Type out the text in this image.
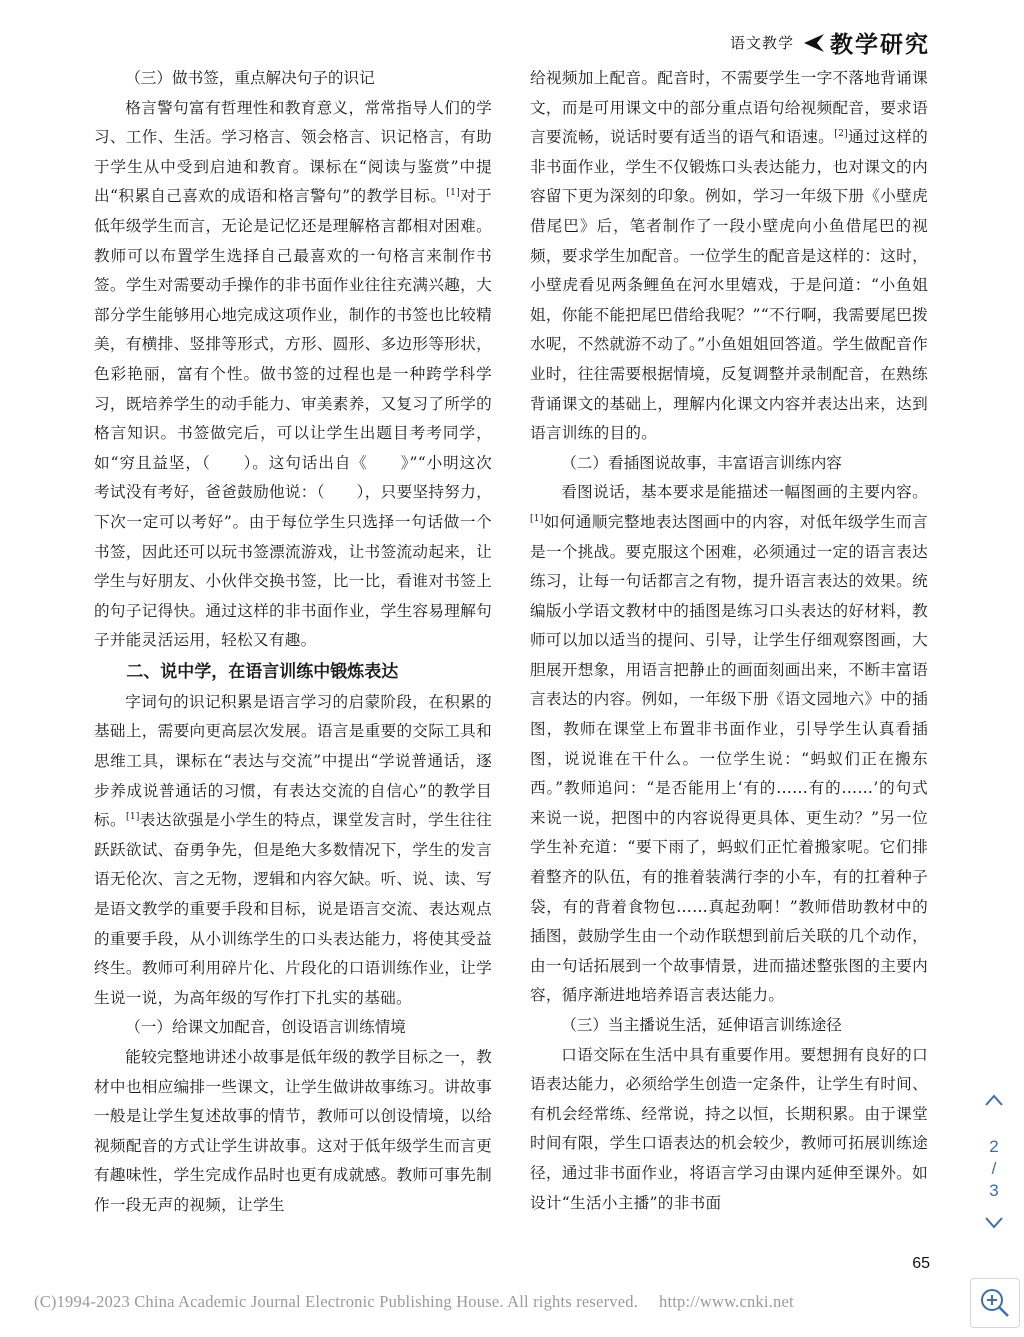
语文教学 教学研究

（三）做书签，重点解决句子的识记

格言警句富有哲理性和教育意义，常常指导人们的学习、工作、生活。学习格言、领会格言、识记格言，有助于学生从中受到启迪和教育。课标在“阅读与鉴赏”中提出“积累自己喜欢的成语和格言警句”的教学目标。[1]对于低年级学生而言，无论是记忆还是理解格言都相对困难。教师可以布置学生选择自己最喜欢的一句格言来制作书签。学生对需要动手操作的非书面作业往往充满兴趣，大部分学生能够用心地完成这项作业，制作的书签也比较精美，有横排、竖排等形式，方形、圆形、多边形等形状，色彩艳丽，富有个性。做书签的过程也是一种跨学科学习，既培养学生的动手能力、审美素养，又复习了所学的格言知识。书签做完后，可以让学生出题目考考同学，如“穷且益坚，（　　）。这句话出自《　　》”“小明这次考试没有考好，爸爸鼓励他说：（　　），只要坚持努力，下次一定可以考好”。由于每位学生只选择一句话做一个书签，因此还可以玩书签漂流游戏，让书签流动起来，让学生与好朋友、小伙伴交换书签，比一比，看谁对书签上的句子记得快。通过这样的非书面作业，学生容易理解句子并能灵活运用，轻松又有趣。

二、说中学，在语言训练中锻炼表达

字词句的识记积累是语言学习的启蒙阶段，在积累的基础上，需要向更高层次发展。语言是重要的交际工具和思维工具，课标在“表达与交流”中提出“学说普通话，逐步养成说普通话的习惯，有表达交流的自信心”的教学目标。[1]表达欲强是小学生的特点，课堂发言时，学生往往跃跃欲试、奋勇争先，但是绝大多数情况下，学生的发言语无伦次、言之无物，逻辑和内容欠缺。听、说、读、写是语文教学的重要手段和目标，说是语言交流、表达观点的重要手段，从小训练学生的口头表达能力，将使其受益终生。教师可利用碎片化、片段化的口语训练作业，让学生说一说，为高年级的写作打下扎实的基础。

（一）给课文加配音，创设语言训练情境

能较完整地讲述小故事是低年级的教学目标之一，教材中也相应编排一些课文，让学生做讲故事练习。讲故事一般是让学生复述故事的情节，教师可以创设情境，以给视频配音的方式让学生讲故事。这对于低年级学生而言更有趣味性，学生完成作品时也更有成就感。教师可事先制作一段无声的视频，让学生

给视频加上配音。配音时，不需要学生一字不落地背诵课文，而是可用课文中的部分重点语句给视频配音，要求语言要流畅，说话时要有适当的语气和语速。[2]通过这样的非书面作业，学生不仅锻炼口头表达能力，也对课文的内容留下更为深刻的印象。例如，学习一年级下册《小壁虎借尾巴》后，笔者制作了一段小壁虎向小鱼借尾巴的视频，要求学生加配音。一位学生的配音是这样的：这时，小壁虎看见两条鲤鱼在河水里嬉戏，于是问道：“小鱼姐姐，你能不能把尾巴借给我呢？”“不行啊，我需要尾巴拨水呢，不然就游不动了。”小鱼姐姐回答道。学生做配音作业时，往往需要根据情境，反复调整并录制配音，在熟练背诵课文的基础上，理解内化课文内容并表达出来，达到语言训练的目的。

（二）看插图说故事，丰富语言训练内容

看图说话，基本要求是能描述一幅图画的主要内容。[1]如何通顺完整地表达图画中的内容，对低年级学生而言是一个挑战。要克服这个困难，必须通过一定的语言表达练习，让每一句话都言之有物，提升语言表达的效果。统编版小学语文教材中的插图是练习口头表达的好材料，教师可以加以适当的提问、引导，让学生仔细观察图画，大胆展开想象，用语言把静止的画面刻画出来，不断丰富语言表达的内容。例如，一年级下册《语文园地六》中的插图，教师在课堂上布置非书面作业，引导学生认真看插图，说说谁在干什么。一位学生说：“蚂蚁们正在搬东西。”教师追问：“是否能用上‘有的……有的……’的句式来说一说，把图中的内容说得更具体、更生动？”另一位学生补充道：“要下雨了，蚂蚁们正忙着搬家呢。它们排着整齐的队伍，有的推着装满行李的小车，有的扛着种子袋，有的背着食物包……真起劲啊！”教师借助教材中的插图，鼓励学生由一个动作联想到前后关联的几个动作，由一句话拓展到一个故事情景，进而描述整张图的主要内容，循序渐进地培养语言表达能力。

（三）当主播说生活，延伸语言训练途径

口语交际在生活中具有重要作用。要想拥有良好的口语表达能力，必须给学生创造一定条件，让学生有时间、有机会经常练、经常说，持之以恒，长期积累。由于课堂时间有限，学生口语表达的机会较少，教师可拓展训练途径，通过非书面作业，将语言学习由课内延伸至课外。如设计“生活小主播”的非书面

65
(C)1994-2023 China Academic Journal Electronic Publishing House. All rights reserved.　 http://www.cnki.net
2
/
3
